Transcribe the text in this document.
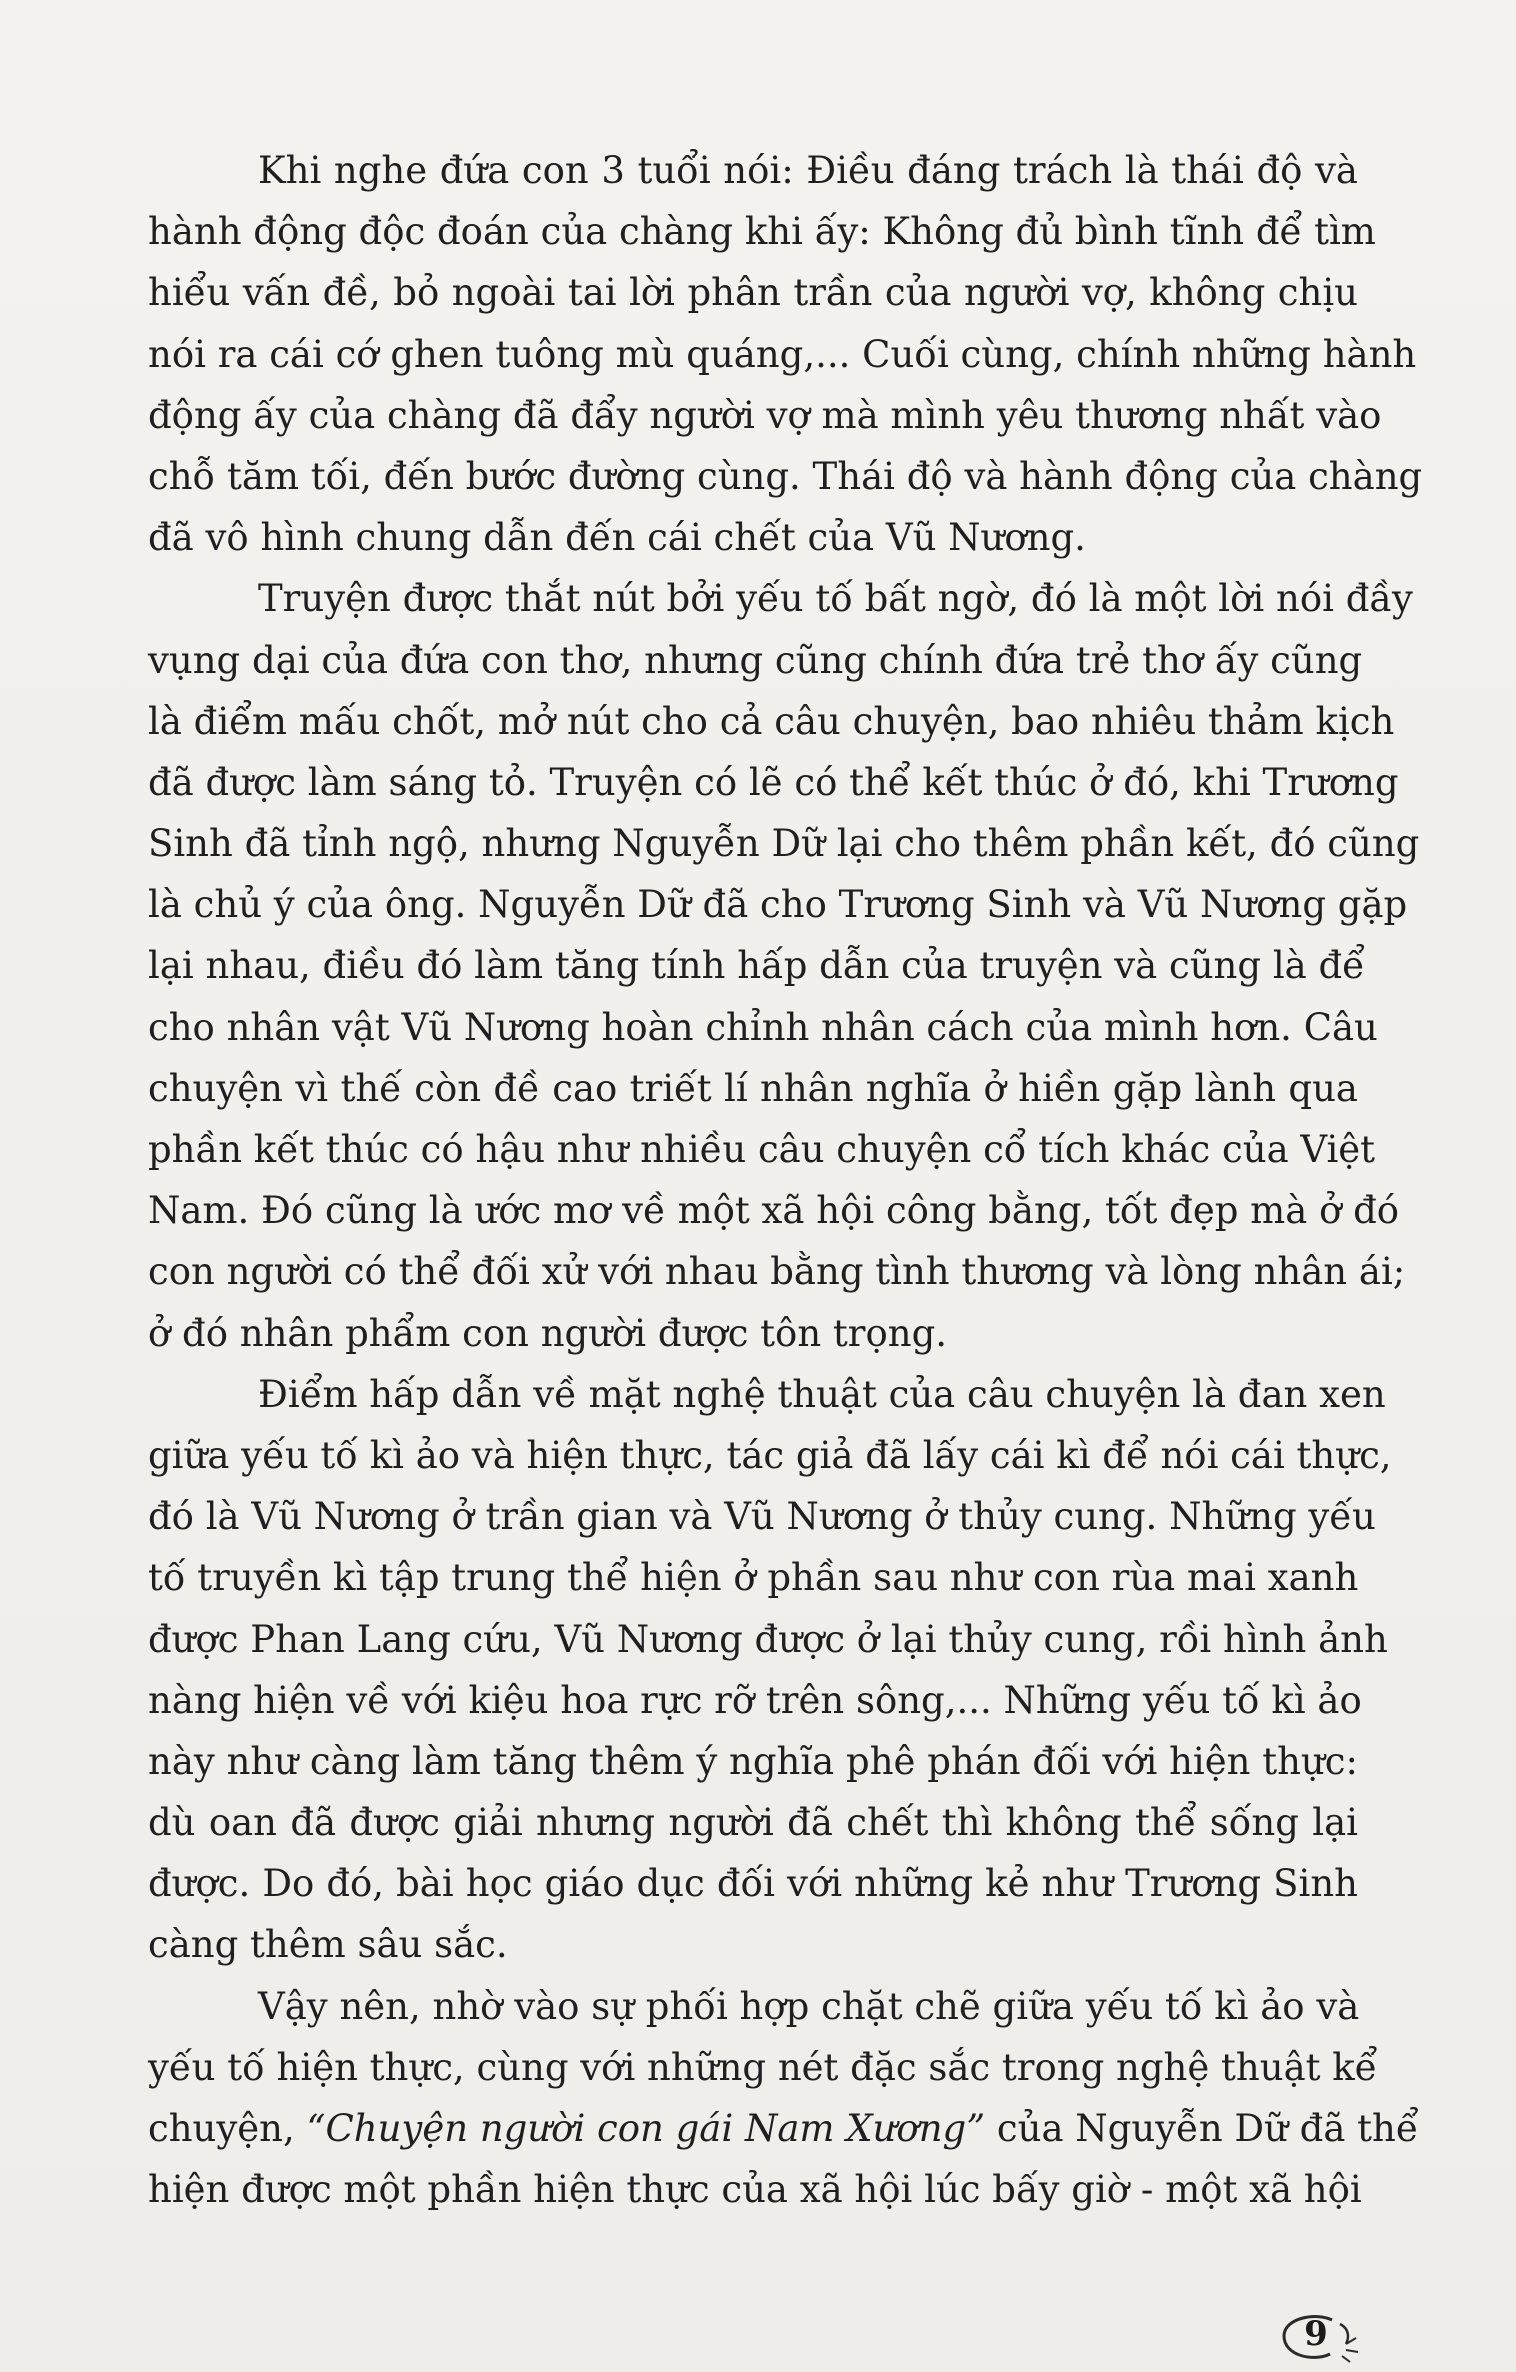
Khi nghe đứa con 3 tuổi nói: Điều đáng trách là thái độ và
hành động độc đoán của chàng khi ấy: Không đủ bình tĩnh để tìm
hiểu vấn đề, bỏ ngoài tai lời phân trần của người vợ, không chịu
nói ra cái cớ ghen tuông mù quáng,... Cuối cùng, chính những hành
động ấy của chàng đã đẩy người vợ mà mình yêu thương nhất vào
chỗ tăm tối, đến bước đường cùng. Thái độ và hành động của chàng
đã vô hình chung dẫn đến cái chết của Vũ Nương.
Truyện được thắt nút bởi yếu tố bất ngờ, đó là một lời nói đầy
vụng dại của đứa con thơ, nhưng cũng chính đứa trẻ thơ ấy cũng
là điểm mấu chốt, mở nút cho cả câu chuyện, bao nhiêu thảm kịch
đã được làm sáng tỏ. Truyện có lẽ có thể kết thúc ở đó, khi Trương
Sinh đã tỉnh ngộ, nhưng Nguyễn Dữ lại cho thêm phần kết, đó cũng
là chủ ý của ông. Nguyễn Dữ đã cho Trương Sinh và Vũ Nương gặp
lại nhau, điều đó làm tăng tính hấp dẫn của truyện và cũng là để
cho nhân vật Vũ Nương hoàn chỉnh nhân cách của mình hơn. Câu
chuyện vì thế còn đề cao triết lí nhân nghĩa ở hiền gặp lành qua
phần kết thúc có hậu như nhiều câu chuyện cổ tích khác của Việt
Nam. Đó cũng là ước mơ về một xã hội công bằng, tốt đẹp mà ở đó
con người có thể đối xử với nhau bằng tình thương và lòng nhân ái;
ở đó nhân phẩm con người được tôn trọng.
Điểm hấp dẫn về mặt nghệ thuật của câu chuyện là đan xen
giữa yếu tố kì ảo và hiện thực, tác giả đã lấy cái kì để nói cái thực,
đó là Vũ Nương ở trần gian và Vũ Nương ở thủy cung. Những yếu
tố truyền kì tập trung thể hiện ở phần sau như con rùa mai xanh
được Phan Lang cứu, Vũ Nương được ở lại thủy cung, rồi hình ảnh
nàng hiện về với kiệu hoa rực rỡ trên sông,... Những yếu tố kì ảo
này như càng làm tăng thêm ý nghĩa phê phán đối với hiện thực:
dù oan đã được giải nhưng người đã chết thì không thể sống lại
được. Do đó, bài học giáo dục đối với những kẻ như Trương Sinh
càng thêm sâu sắc.
Vậy nên, nhờ vào sự phối hợp chặt chẽ giữa yếu tố kì ảo và
yếu tố hiện thực, cùng với những nét đặc sắc trong nghệ thuật kể
chuyện, “Chuyện người con gái Nam Xương” của Nguyễn Dữ đã thể
hiện được một phần hiện thực của xã hội lúc bấy giờ - một xã hội
9
